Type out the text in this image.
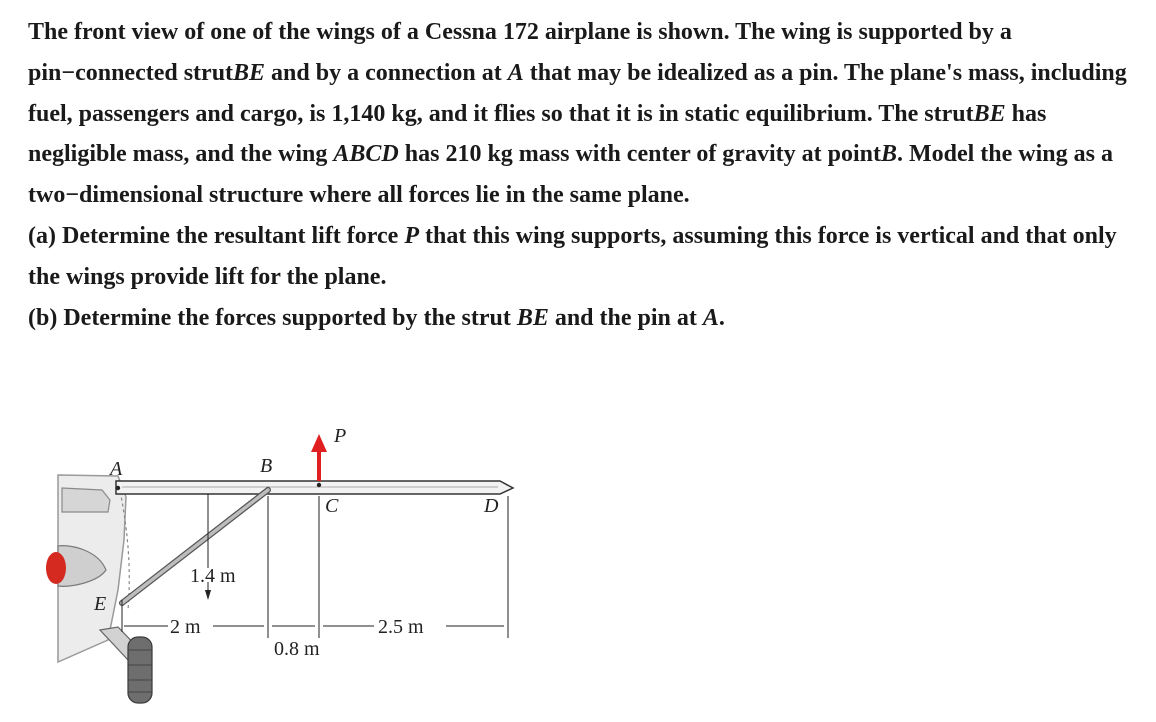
The front view of one of the wings of a Cessna 172 airplane is shown. The wing is supported by a pin−connected strutBE and by a connection at A that may be idealized as a pin. The plane's mass, including fuel, passengers and cargo, is 1,140 kg, and it flies so that it is in static equilibrium. The strutBE has negligible mass, and the wing ABCD has 210 kg mass with center of gravity at pointB. Model the wing as a two−dimensional structure where all forces lie in the same plane.

(a) Determine the resultant lift force P that this wing supports, assuming this force is vertical and that only the wings provide lift for the plane.

(b) Determine the forces supported by the strut BE and the pin at A.

A	B
C	D
E
P
1.4 m
2 m
0.8 m
2.5 m
